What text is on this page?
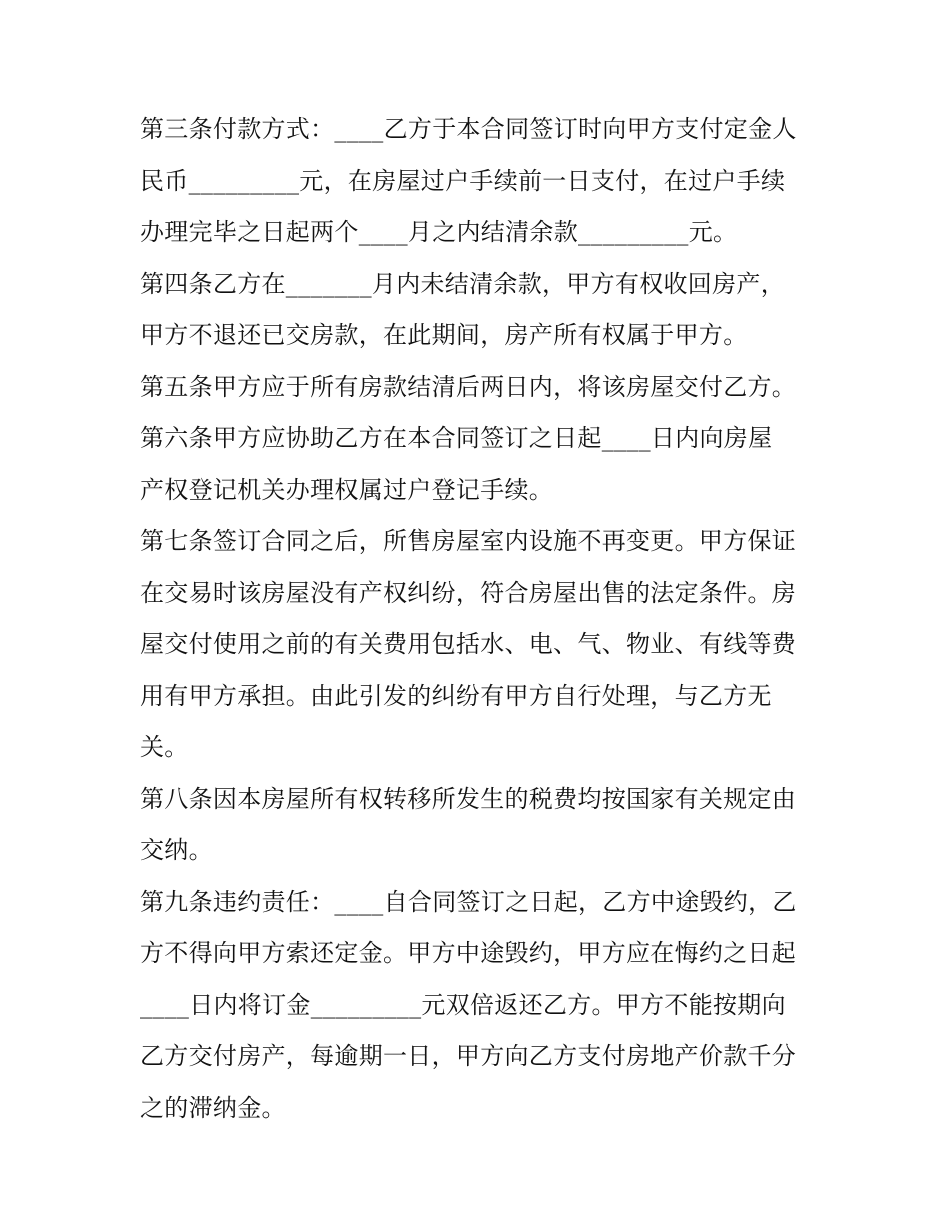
第三条付款方式：____乙方于本合同签订时向甲方支付定金人
民币_________元，在房屋过户手续前一日支付，在过户手续
办理完毕之日起两个____月之内结清余款_________元。
第四条乙方在_______月内未结清余款，甲方有权收回房产，
甲方不退还已交房款，在此期间，房产所有权属于甲方。
第五条甲方应于所有房款结清后两日内，将该房屋交付乙方。
第六条甲方应协助乙方在本合同签订之日起____日内向房屋
产权登记机关办理权属过户登记手续。
第七条签订合同之后，所售房屋室内设施不再变更。甲方保证
在交易时该房屋没有产权纠纷，符合房屋出售的法定条件。房
屋交付使用之前的有关费用包括水、电、气、物业、有线等费
用有甲方承担。由此引发的纠纷有甲方自行处理，与乙方无
关。
第八条因本房屋所有权转移所发生的税费均按国家有关规定由
交纳。
第九条违约责任：____自合同签订之日起，乙方中途毁约，乙
方不得向甲方索还定金。甲方中途毁约，甲方应在悔约之日起
____日内将订金_________元双倍返还乙方。甲方不能按期向
乙方交付房产，每逾期一日，甲方向乙方支付房地产价款千分
之的滞纳金。
